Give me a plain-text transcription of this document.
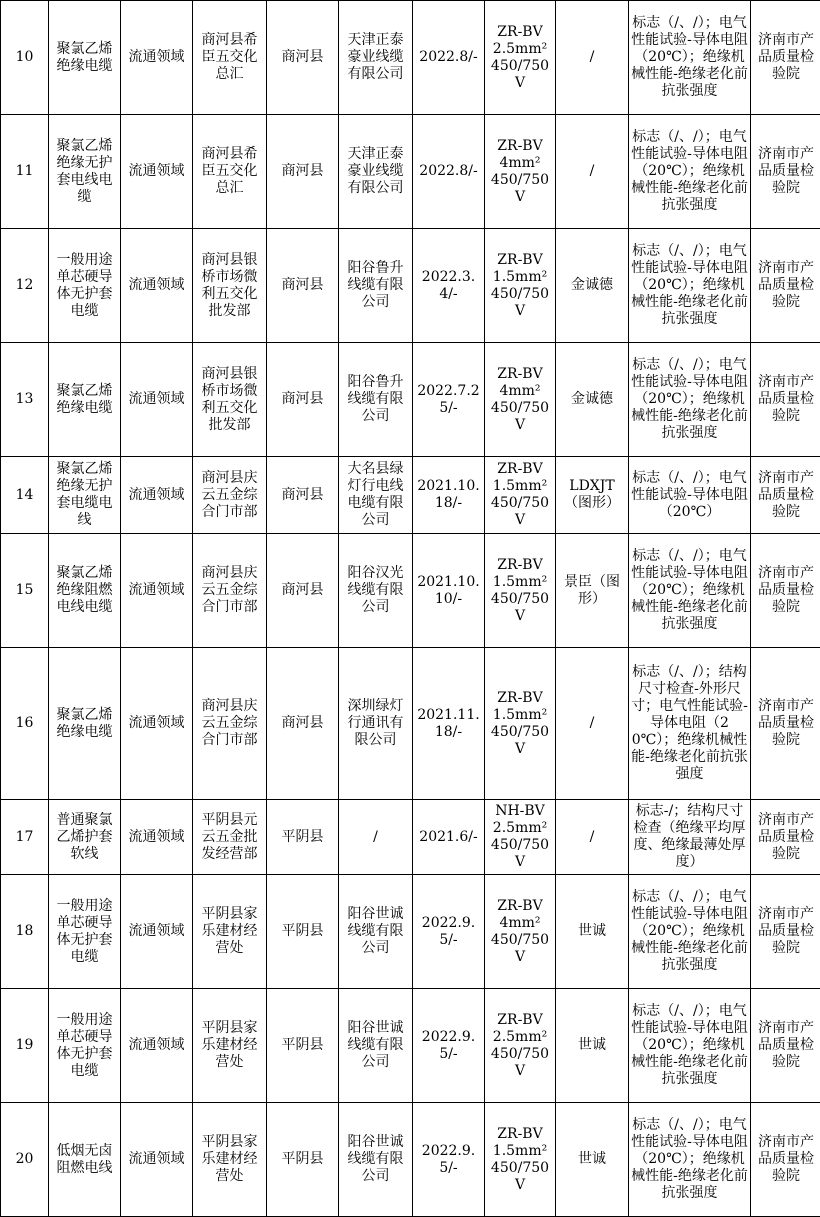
10	聚氯乙烯绝缘电缆	流通领域	商河县希臣五交化总汇	商河县	天津正泰豪业线缆有限公司	2022.8/-	ZR-BV
2.5mm²
450/750V	/	标志（/、/）；电气性能试验-导体电阻（20℃）；绝缘机械性能-绝缘老化前抗张强度	济南市产品质量检验院
11	聚氯乙烯绝缘无护套电线电缆	流通领域	商河县希臣五交化总汇	商河县	天津正泰豪业线缆有限公司	2022.8/-	ZR-BV
4mm²
450/750V	/	标志（/、/）；电气性能试验-导体电阻（20℃）；绝缘机械性能-绝缘老化前抗张强度	济南市产品质量检验院
12	一般用途单芯硬导体无护套电缆	流通领域	商河县银桥市场微利五交化批发部	商河县	阳谷鲁升线缆有限公司	2022.3.4/-	ZR-BV
1.5mm²
450/750V	金诚德	标志（/、/）；电气性能试验-导体电阻（20℃）；绝缘机械性能-绝缘老化前抗张强度	济南市产品质量检验院
13	聚氯乙烯绝缘电缆	流通领域	商河县银桥市场微利五交化批发部	商河县	阳谷鲁升线缆有限公司	2022.7.25/-	ZR-BV
4mm²
450/750V	金诚德	标志（/、/）；电气性能试验-导体电阻（20℃）；绝缘机械性能-绝缘老化前抗张强度	济南市产品质量检验院
14	聚氯乙烯绝缘无护套电缆电线	流通领域	商河县庆云五金综合门市部	商河县	大名县绿灯行电线电缆有限公司	2021.10.18/-	ZR-BV
1.5mm²
450/750V	LDXJT（图形）	标志（/、/）；电气性能试验-导体电阻（20℃）	济南市产品质量检验院
15	聚氯乙烯绝缘阻燃电线电缆	流通领域	商河县庆云五金综合门市部	商河县	阳谷汉光线缆有限公司	2021.10.10/-	ZR-BV
1.5mm²
450/750V	景臣（图形）	标志（/、/）；电气性能试验-导体电阻（20℃）；绝缘机械性能-绝缘老化前抗张强度	济南市产品质量检验院
16	聚氯乙烯绝缘电缆	流通领域	商河县庆云五金综合门市部	商河县	深圳绿灯行通讯有限公司	2021.11.18/-	ZR-BV
1.5mm²
450/750V	/	标志（/、/）；结构尺寸检查-外形尺寸；电气性能试验-导体电阻（20℃）；绝缘机械性能-绝缘老化前抗张强度	济南市产品质量检验院
17	普通聚氯乙烯护套软线	流通领域	平阴县元云五金批发经营部	平阴县	/	2021.6/-	NH-BV
2.5mm²
450/750V	/	标志-/；结构尺寸检查（绝缘平均厚度、绝缘最薄处厚度）	济南市产品质量检验院
18	一般用途单芯硬导体无护套电缆	流通领域	平阴县家乐建材经营处	平阴县	阳谷世诚线缆有限公司	2022.9.5/-	ZR-BV
4mm²
450/750V	世诚	标志（/、/）；电气性能试验-导体电阻（20℃）；绝缘机械性能-绝缘老化前抗张强度	济南市产品质量检验院
19	一般用途单芯硬导体无护套电缆	流通领域	平阴县家乐建材经营处	平阴县	阳谷世诚线缆有限公司	2022.9.5/-	ZR-BV
2.5mm²
450/750V	世诚	标志（/、/）；电气性能试验-导体电阻（20℃）；绝缘机械性能-绝缘老化前抗张强度	济南市产品质量检验院
20	低烟无卤阻燃电线	流通领域	平阴县家乐建材经营处	平阴县	阳谷世诚线缆有限公司	2022.9.5/-	ZR-BV
1.5mm²
450/750V	世诚	标志（/、/）；电气性能试验-导体电阻（20℃）；绝缘机械性能-绝缘老化前抗张强度	济南市产品质量检验院
